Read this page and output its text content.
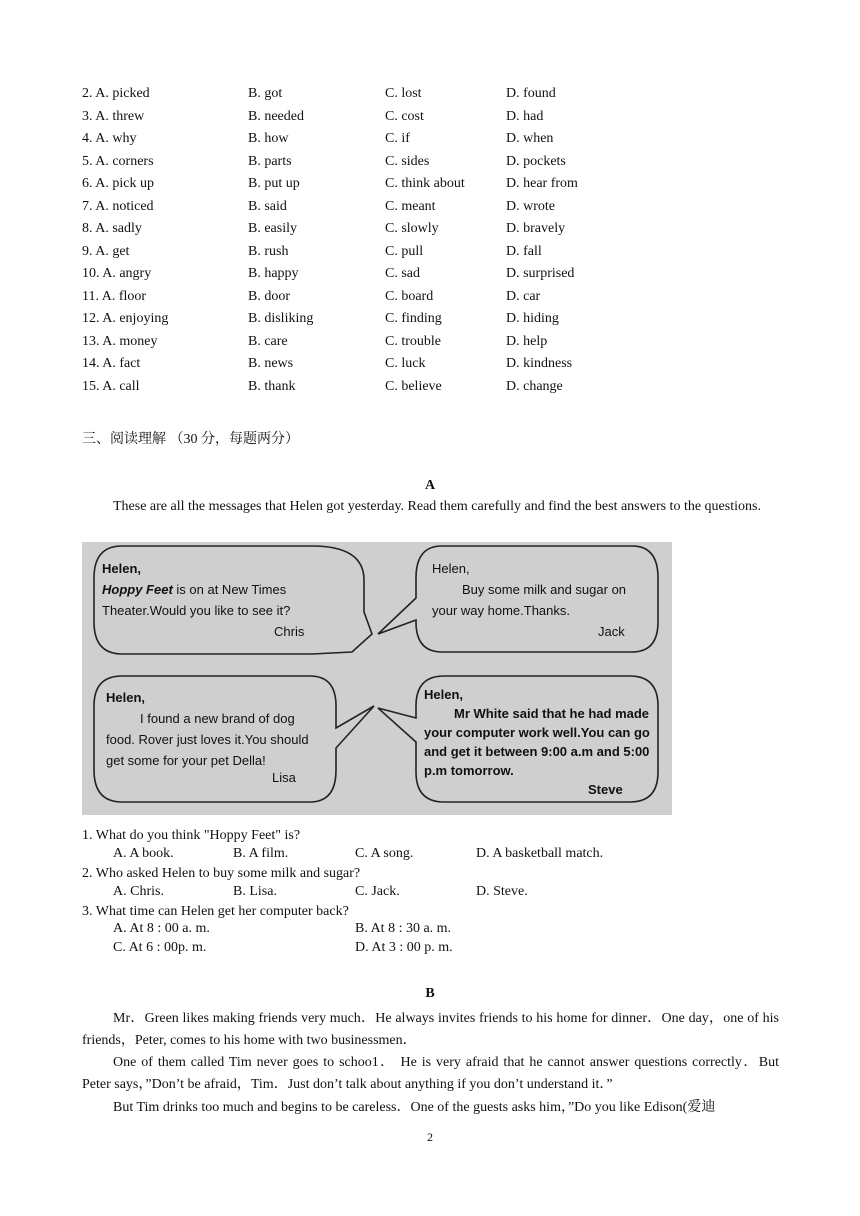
2. A. picked	B. got	C. lost	D. found
3. A. threw	B. needed	C. cost	D. had
4. A. why	B. how	C. if	D. when
5. A. corners	B. parts	C. sides	D. pockets
6. A. pick up	B. put up	C. think about	D. hear from
7. A. noticed	B. said	C. meant	D. wrote
8. A. sadly	B. easily	C. slowly	D. bravely
9. A. get	B. rush	C. pull	D. fall
10. A. angry	B. happy	C. sad	D. surprised
11. A. floor	B. door	C. board	D. car
12. A. enjoying	B. disliking	C. finding	D. hiding
13. A. money	B. care	C. trouble	D. help
14. A. fact	B. news	C. luck	D. kindness
15. A. call	B. thank	C. believe	D. change
三、阅读理解 （30 分，每题两分）
A
These are all the messages that Helen got yesterday. Read them carefully and find the best answers to the questions.
Helen,
Hoppy Feet is on at New Times
Theater.Would you like to see it?
Chris
Helen,
Buy some milk and sugar on
your way home.Thanks.
Jack
Helen,
I found a new brand of dog
food. Rover just loves it.You should
get some for your pet Della!
Lisa
Helen,
Mr White said that he had made
your computer work well.You can go
and get it between 9:00 a.m and 5:00
p.m tomorrow.
Steve
1. What do you think "Hoppy Feet" is?
A. A book.	B. A film.	C. A song.	D. A basketball match.
2. Who asked Helen to buy some milk and sugar?
A. Chris.	B. Lisa.	C. Jack.	D. Steve.
3. What time can Helen get her computer back?
A. At 8 : 00 a. m.	B. At 8 : 30 a. m.
C. At 6 : 00p. m.	D. At 3 : 00 p. m.
B
Mr．Green likes making friends very much．He always invites friends to his home for dinner．One day，one of his friends，Peter, comes to his home with two businessmen．
One of them called Tim never goes to schoo1． He is very afraid that he cannot answer questions correctly．But Peter says，”Don’t be afraid，Tim．Just don’t talk about anything if you don’t understand it．”
But Tim drinks too much and begins to be careless．One of the guests asks him，”Do you like Edison(爱迪
2
